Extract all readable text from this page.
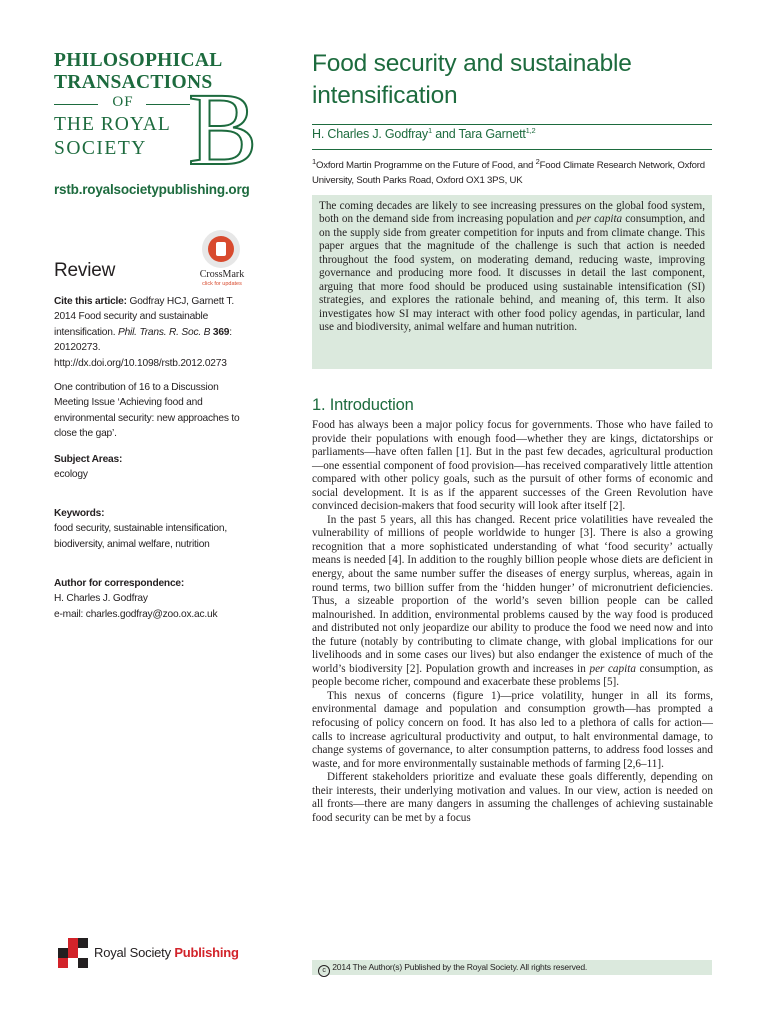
PHILOSOPHICAL
TRANSACTIONS
OF
THE ROYAL
SOCIETY B
rstb.royalsocietypublishing.org
Review	CrossMark
click for updates
Cite this article: Godfray HCJ, Garnett T. 2014 Food security and sustainable intensification. Phil. Trans. R. Soc. B 369: 20120273. http://dx.doi.org/10.1098/rstb.2012.0273
One contribution of 16 to a Discussion Meeting Issue ‘Achieving food and environmental security: new approaches to close the gap’.
Subject Areas:
ecology
Keywords:
food security, sustainable intensification, biodiversity, animal welfare, nutrition
Author for correspondence:
H. Charles J. Godfray
e-mail: charles.godfray@zoo.ox.ac.uk
Royal Society Publishing
Food security and sustainable
intensification
H. Charles J. Godfray$^1$ and Tara Garnett$^{1,2}$
$^1$Oxford Martin Programme on the Future of Food, and $^2$Food Climate Research Network, Oxford University, South Parks Road, Oxford OX1 3PS, UK
The coming decades are likely to see increasing pressures on the global food system, both on the demand side from increasing population and per capita consumption, and on the supply side from greater competition for inputs and from climate change. This paper argues that the magnitude of the challenge is such that action is needed throughout the food system, on moderating demand, reducing waste, improving governance and producing more food. It discusses in detail the last component, arguing that more food should be produced using sustainable intensification (SI) strategies, and explores the rationale behind, and meaning of, this term. It also investigates how SI may interact with other food policy agendas, in particular, land use and biodiversity, animal welfare and human nutrition.
1. Introduction

Food has always been a major policy focus for governments. Those who have failed to provide their populations with enough food—whether they are kings, dictatorships or parliaments—have often fallen [1]. But in the past few decades, agricultural production—one essential component of food provision—has received comparatively little attention compared with other policy goals, such as the pursuit of other forms of economic and social development. It is as if the apparent successes of the Green Revolution have convinced decision-makers that food security will look after itself [2].

In the past 5 years, all this has changed. Recent price volatilities have revealed the vulnerability of millions of people worldwide to hunger [3]. There is also a growing recognition that a more sophisticated understanding of what ‘food security’ actually means is needed [4]. In addition to the roughly billion people whose diets are deficient in energy, about the same number suffer the diseases of energy surplus, whereas, again in round terms, two billion suffer from the ‘hidden hunger’ of micronutrient deficiencies. Thus, a sizeable proportion of the world’s seven billion people can be called malnourished. In addition, environmental problems caused by the way food is produced and distributed not only jeopardize our ability to produce the food we need now and into the future (notably by contributing to climate change, with global implications for our livelihoods and in some cases our lives) but also endanger the existence of much of the world’s biodiversity [2]. Population growth and increases in per capita consumption, as people become richer, compound and exacerbate these problems [5].

This nexus of concerns (figure 1)—price volatility, hunger in all its forms, environmental damage and population and consumption growth—has prompted a refocusing of policy concern on food. It has also led to a plethora of calls for action—calls to increase agricultural productivity and output, to halt environmental damage, to change systems of governance, to alter consumption patterns, to address food losses and waste, and for more environmentally sustainable methods of farming [2,6–11].

Different stakeholders prioritize and evaluate these goals differently, depending on their interests, their underlying motivation and values. In our view, action is needed on all fronts—there are many dangers in assuming the challenges of achieving sustainable food security can be met by a focus

c 2014 The Author(s) Published by the Royal Society. All rights reserved.
